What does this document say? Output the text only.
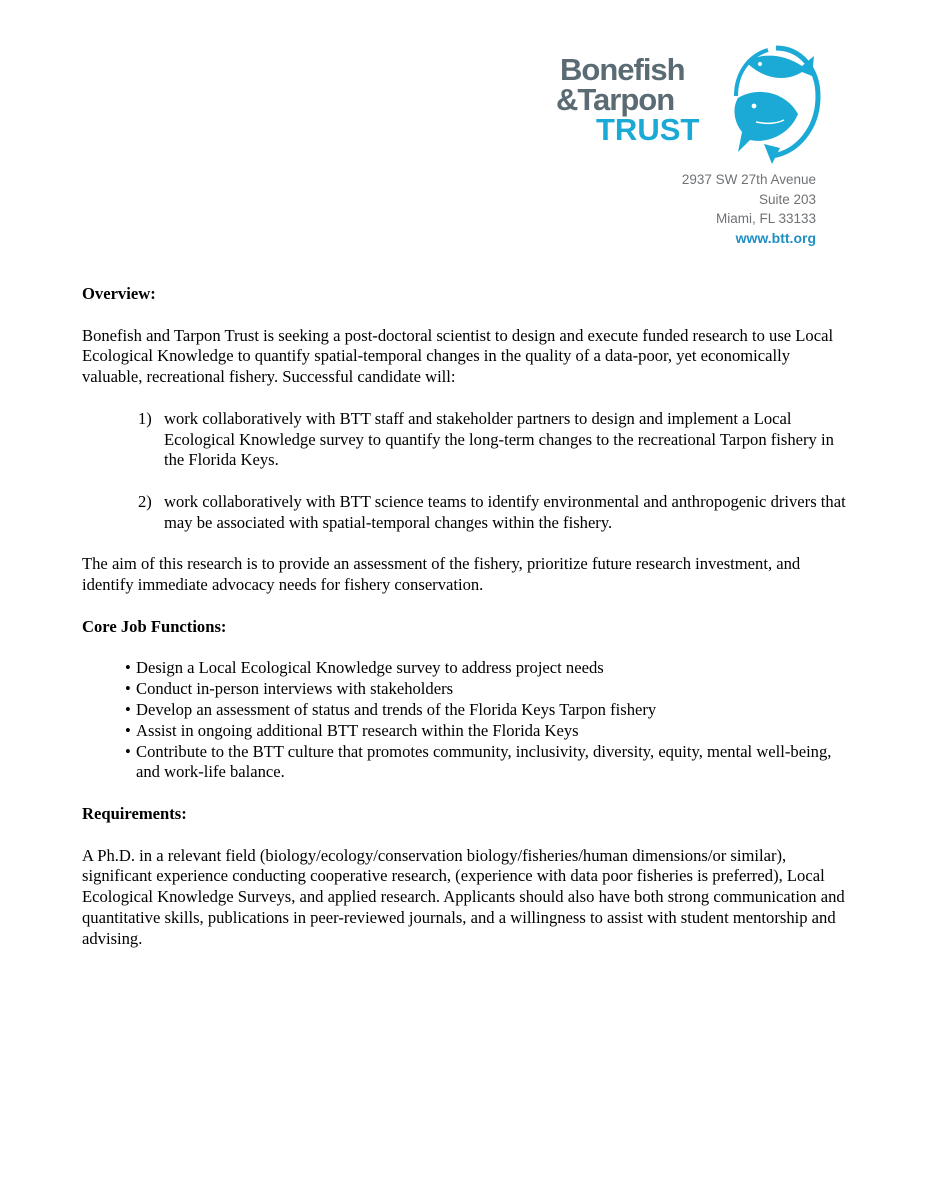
Bonefish
&Tarpon
TRUST
2937 SW 27th Avenue
Suite 203
Miami, FL 33133
www.btt.org

Overview:

Bonefish and Tarpon Trust is seeking a post-doctoral scientist to design and execute funded research to use Local Ecological Knowledge to quantify spatial-temporal changes in the quality of a data-poor, yet economically valuable, recreational fishery. Successful candidate will:

1) work collaboratively with BTT staff and stakeholder partners to design and implement a Local Ecological Knowledge survey to quantify the long-term changes to the recreational Tarpon fishery in the Florida Keys.
2) work collaboratively with BTT science teams to identify environmental and anthropogenic drivers that may be associated with spatial-temporal changes within the fishery.

The aim of this research is to provide an assessment of the fishery, prioritize future research investment, and identify immediate advocacy needs for fishery conservation.

Core Job Functions:

• Design a Local Ecological Knowledge survey to address project needs
• Conduct in-person interviews with stakeholders
• Develop an assessment of status and trends of the Florida Keys Tarpon fishery
• Assist in ongoing additional BTT research within the Florida Keys
• Contribute to the BTT culture that promotes community, inclusivity, diversity, equity, mental well-being, and work-life balance.

Requirements:

A Ph.D. in a relevant field (biology/ecology/conservation biology/fisheries/human dimensions/or similar), significant experience conducting cooperative research, (experience with data poor fisheries is preferred), Local Ecological Knowledge Surveys, and applied research. Applicants should also have both strong communication and quantitative skills, publications in peer-reviewed journals, and a willingness to assist with student mentorship and advising.
